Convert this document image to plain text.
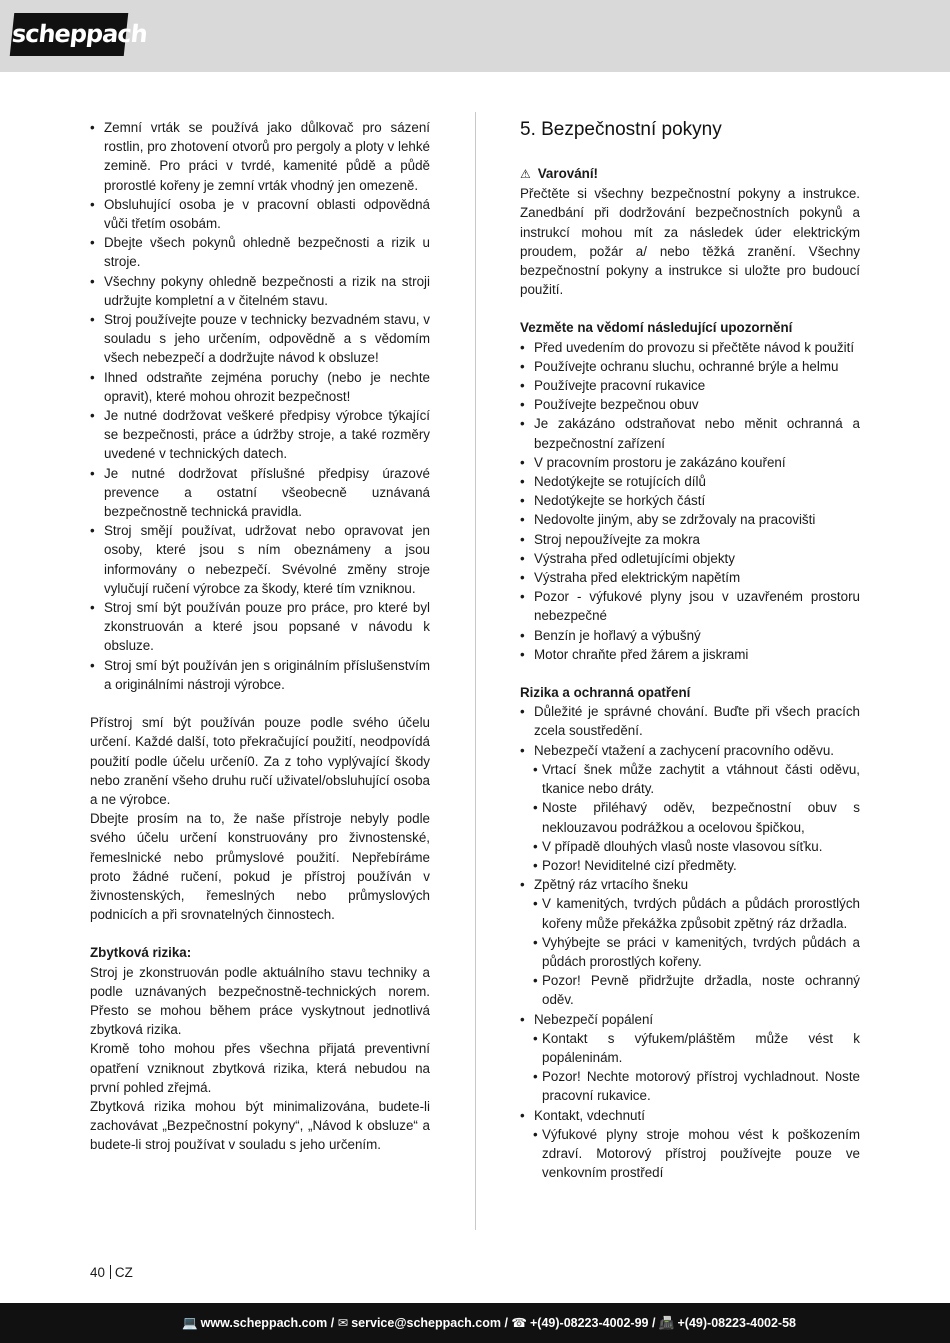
scheppach
• Zemní vrták se používá jako důlkovač pro sázení rostlin, pro zhotovení otvorů pro pergoly a ploty v lehké zemině. Pro práci v tvrdé, kamenité půdě a půdě prorostlé kořeny je zemní vrták vhodný jen omezeně.
• Obsluhující osoba je v pracovní oblasti odpovědná vůči třetím osobám.
• Dbejte všech pokynů ohledně bezpečnosti a rizik u stroje.
• Všechny pokyny ohledně bezpečnosti a rizik na stroji udržujte kompletní a v čitelném stavu.
• Stroj používejte pouze v technicky bezvadném stavu, v souladu s jeho určením, odpovědně a s vědomím všech nebezpečí a dodržujte návod k obsluze!
• Ihned odstraňte zejména poruchy (nebo je nechte opravit), které mohou ohrozit bezpečnost!
• Je nutné dodržovat veškeré předpisy výrobce týkající se bezpečnosti, práce a údržby stroje, a také rozměry uvedené v technických datech.
• Je nutné dodržovat příslušné předpisy úrazové prevence a ostatní všeobecně uznávaná bezpečnostně technická pravidla.
• Stroj smějí používat, udržovat nebo opravovat jen osoby, které jsou s ním obeznámeny a jsou informovány o nebezpečí. Svévolné změny stroje vylučují ručení výrobce za škody, které tím vzniknou.
• Stroj smí být používán pouze pro práce, pro které byl zkonstruován a které jsou popsané v návodu k obsluze.
• Stroj smí být používán jen s originálním příslušenstvím a originálními nástroji výrobce.

Přístroj smí být používán pouze podle svého účelu určení. Každé další, toto překračující použití, neodpovídá použití podle účelu určení0. Za z toho vyplývající škody nebo zranění všeho druhu ručí uživatel/obsluhující osoba a ne výrobce.

Dbejte prosím na to, že naše přístroje nebyly podle svého účelu určení konstruovány pro živnostenské, řemeslnické nebo průmyslové použití. Nepřebíráme proto žádné ručení, pokud je přístroj používán v živnostenských, řemeslných nebo průmyslových podnicích a při srovnatelných činnostech.

Zbytková rizika:

Stroj je zkonstruován podle aktuálního stavu techniky a podle uznávaných bezpečnostně-technických norem. Přesto se mohou během práce vyskytnout jednotlivá zbytková rizika.

Kromě toho mohou přes všechna přijatá preventivní opatření vzniknout zbytková rizika, která nebudou na první pohled zřejmá.

Zbytková rizika mohou být minimalizována, budete-li zachovávat „Bezpečnostní pokyny“, „Návod k obsluze“ a budete-li stroj používat v souladu s jeho určením.

5. Bezpečnostní pokyny

⚠ Varování!

Přečtěte si všechny bezpečnostní pokyny a instrukce. Zanedbání při dodržování bezpečnostních pokynů a instrukcí mohou mít za následek úder elektrickým proudem, požár a/ nebo těžká zranění. Všechny bezpečnostní pokyny a instrukce si uložte pro budoucí použití.

Vezměte na vědomí následující upozornění

• Před uvedením do provozu si přečtěte návod k použití
• Používejte ochranu sluchu, ochranné brýle a helmu
• Používejte pracovní rukavice
• Používejte bezpečnou obuv
• Je zakázáno odstraňovat nebo měnit ochranná a bezpečnostní zařízení
• V pracovním prostoru je zakázáno kouření
• Nedotýkejte se rotujících dílů
• Nedotýkejte se horkých částí
• Nedovolte jiným, aby se zdržovaly na pracovišti
• Stroj nepoužívejte za mokra
• Výstraha před odletujícími objekty
• Výstraha před elektrickým napětím
• Pozor - výfukové plyny jsou v uzavřeném prostoru nebezpečné
• Benzín je hořlavý a výbušný
• Motor chraňte před žárem a jiskrami

Rizika a ochranná opatření

• Důležité je správné chování. Buďte při všech pracích zcela soustředění.
• Nebezpečí vtažení a zachycení pracovního oděvu.
• Vrtací šnek může zachytit a vtáhnout části oděvu, tkanice nebo dráty.
• Noste přiléhavý oděv, bezpečnostní obuv s neklouzavou podrážkou a ocelovou špičkou,
• V případě dlouhých vlasů noste vlasovou síťku.
• Pozor! Neviditelné cizí předměty.
• Zpětný ráz vrtacího šneku
• V kamenitých, tvrdých půdách a půdách prorostlých kořeny může překážka způsobit zpětný ráz držadla.
• Vyhýbejte se práci v kamenitých, tvrdých půdách a půdách prorostlých kořeny.
• Pozor! Pevně přidržujte držadla, noste ochranný oděv.
• Nebezpečí popálení
• Kontakt s výfukem/pláštěm může vést k popáleninám.
• Pozor! Nechte motorový přístroj vychladnout. Noste pracovní rukavice.
• Kontakt, vdechnutí
• Výfukové plyny stroje mohou vést k poškozením zdraví. Motorový přístroj používejte pouze ve venkovním prostředí
40 CZ
💻 www.scheppach.com / ✉ service@scheppach.com / ☎ +(49)-08223-4002-99 / 📠 +(49)-08223-4002-58
